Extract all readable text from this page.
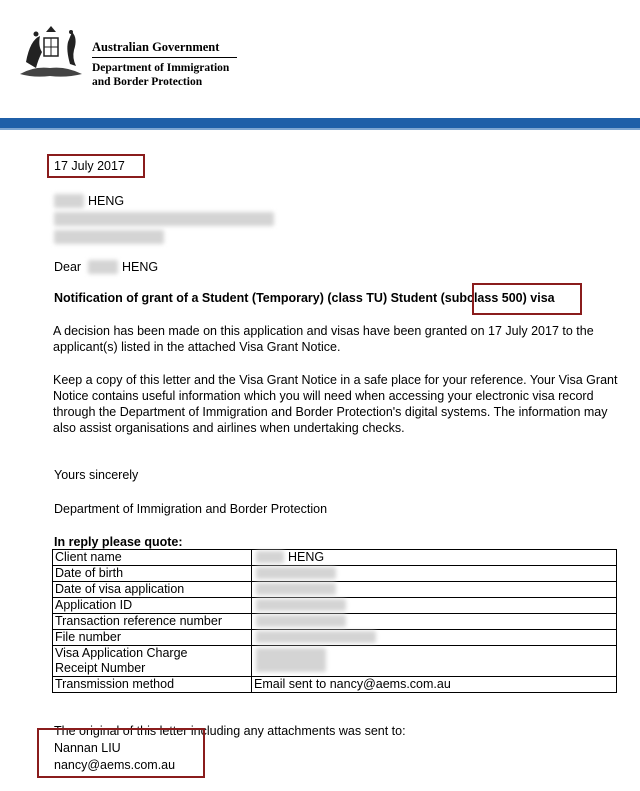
Australian Government
Department of Immigration
and Border Protection
17 July 2017
HENG
Dear	HENG
Notification of grant of a Student (Temporary) (class TU) Student (subclass 500) visa
A decision has been made on this application and visas have been granted on 17 July 2017 to the applicant(s) listed in the attached Visa Grant Notice.
Keep a copy of this letter and the Visa Grant Notice in a safe place for your reference. Your Visa Grant Notice contains useful information which you will need when accessing your electronic visa record through the Department of Immigration and Border Protection's digital systems. The information may also assist organisations and airlines when undertaking checks.
Yours sincerely
Department of Immigration and Border Protection
In reply please quote:
Client name	HENG
Date of birth	

Date of visa application	

Application ID	

Transaction reference number	

File number	

Visa Application Charge
Receipt Number	

Transmission method	Email sent to nancy@aems.com.au
The original of this letter including any attachments was sent to:
Nannan LIU
nancy@aems.com.au
